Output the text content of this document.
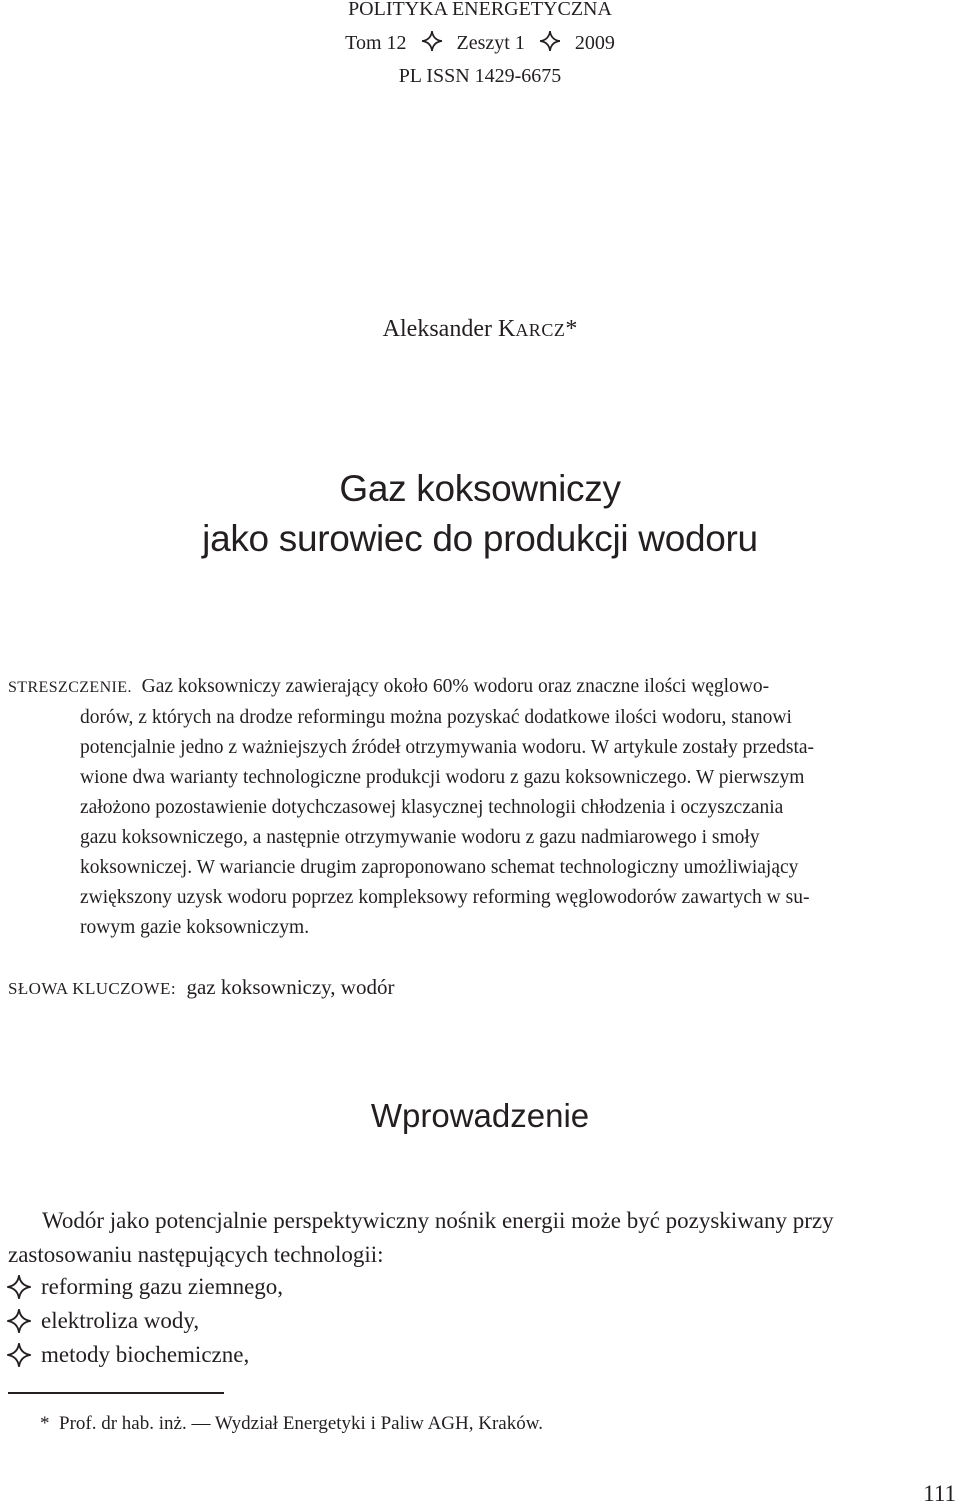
POLITYKA ENERGETYCZNA
Tom 12	Zeszyt 1	2009
PL ISSN 1429-6675
Aleksander KARCZ*
Gaz koksowniczy
jako surowiec do produkcji wodoru
STRESZCZENIE. Gaz koksowniczy zawierający około 60% wodoru oraz znaczne ilości węglowo-
dorów, z których na drodze reformingu można pozyskać dodatkowe ilości wodoru, stanowi
potencjalnie jedno z ważniejszych źródeł otrzymywania wodoru. W artykule zostały przedsta-
wione dwa warianty technologiczne produkcji wodoru z gazu koksowniczego. W pierwszym
założono pozostawienie dotychczasowej klasycznej technologii chłodzenia i oczyszczania
gazu koksowniczego, a następnie otrzymywanie wodoru z gazu nadmiarowego i smoły
koksowniczej. W wariancie drugim zaproponowano schemat technologiczny umożliwiający
zwiększony uzysk wodoru poprzez kompleksowy reforming węglowodorów zawartych w su-
rowym gazie koksowniczym.
SŁOWA KLUCZOWE: gaz koksowniczy, wodór
Wprowadzenie
Wodór jako potencjalnie perspektywiczny nośnik energii może być pozyskiwany przy
zastosowaniu następujących technologii:
reforming gazu ziemnego,
elektroliza wody,
metody biochemiczne,
* Prof. dr hab. inż. — Wydział Energetyki i Paliw AGH, Kraków.
111
